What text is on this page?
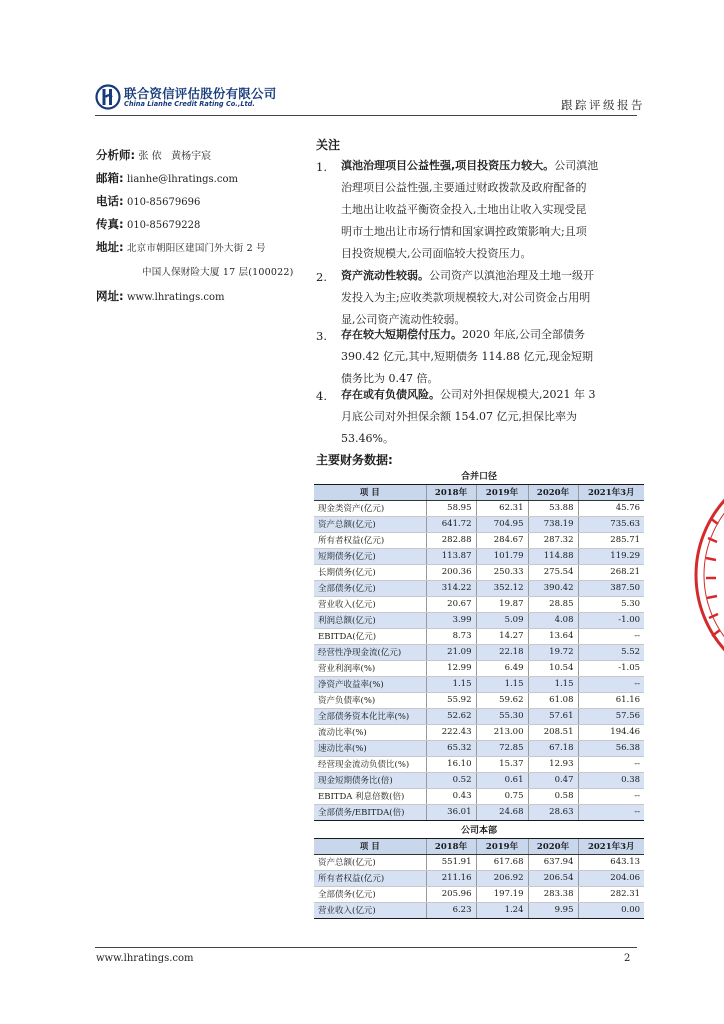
联合资信评估股份有限公司
China Lianhe Credit Rating Co.,Ltd.	跟踪评级报告
分析师: 张 依   黄杨宇宸
邮箱: lianhe@lhratings.com
电话: 010-85679696
传真: 010-85679228
地址: 北京市朝阳区建国门外大街 2 号
中国人保财险大厦 17 层(100022)
网址: www.lhratings.com
关注
1. 滇池治理项目公益性强,项目投资压力较大。公司滇池
治理项目公益性强,主要通过财政拨款及政府配备的
土地出让收益平衡资金投入,土地出让收入实现受昆
明市土地出让市场行情和国家调控政策影响大;且项
目投资规模大,公司面临较大投资压力。
2. 资产流动性较弱。公司资产以滇池治理及土地一级开
发投入为主;应收类款项规模较大,对公司资金占用明
显,公司资产流动性较弱。
3. 存在较大短期偿付压力。2020 年底,公司全部债务
390.42 亿元,其中,短期债务 114.88 亿元,现金短期
债务比为 0.47 倍。
4. 存在或有负债风险。公司对外担保规模大,2021 年 3
月底公司对外担保余额 154.07 亿元,担保比率为
53.46%。
主要财务数据:
合并口径				
项 目	2018年	2019年	2020年	2021年3月
现金类资产(亿元)	58.95	62.31	53.88	45.76
资产总额(亿元)	641.72	704.95	738.19	735.63
所有者权益(亿元)	282.88	284.67	287.32	285.71
短期债务(亿元)	113.87	101.79	114.88	119.29
长期债务(亿元)	200.36	250.33	275.54	268.21
全部债务(亿元)	314.22	352.12	390.42	387.50
营业收入(亿元)	20.67	19.87	28.85	5.30
利润总额(亿元)	3.99	5.09	4.08	-1.00
EBITDA(亿元)	8.73	14.27	13.64	--
经营性净现金流(亿元)	21.09	22.18	19.72	5.52
营业利润率(%)	12.99	6.49	10.54	-1.05
净资产收益率(%)	1.15	1.15	1.15	--
资产负债率(%)	55.92	59.62	61.08	61.16
全部债务资本化比率(%)	52.62	55.30	57.61	57.56
流动比率(%)	222.43	213.00	208.51	194.46
速动比率(%)	65.32	72.85	67.18	56.38
经营现金流动负债比(%)	16.10	15.37	12.93	--
现金短期债务比(倍)	0.52	0.61	0.47	0.38
EBITDA 利息倍数(倍)	0.43	0.75	0.58	--
全部债务/EBITDA(倍)	36.01	24.68	28.63	--
公司本部				
项 目	2018年	2019年	2020年	2021年3月
资产总额(亿元)	551.91	617.68	637.94	643.13
所有者权益(亿元)	211.16	206.92	206.54	204.06
全部债务(亿元)	205.96	197.19	283.38	282.31
营业收入(亿元)	6.23	1.24	9.95	0.00
www.lhratings.com	2
